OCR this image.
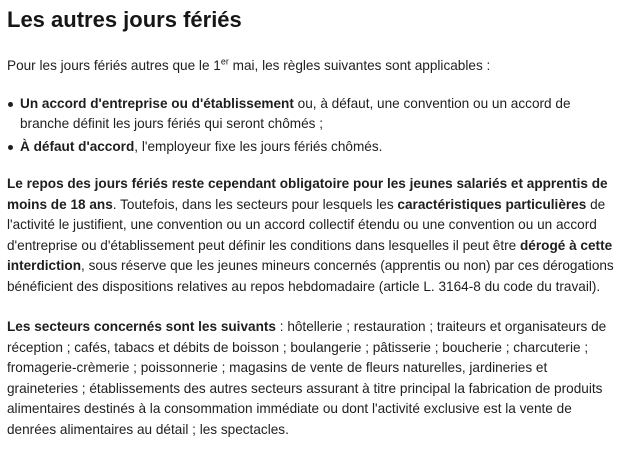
Les autres jours fériés

Pour les jours fériés autres que le 1er mai, les règles suivantes sont applicables :

Un accord d'entreprise ou d'établissement ou, à défaut, une convention ou un accord de branche définit les jours fériés qui seront chômés ;
À défaut d'accord, l'employeur fixe les jours fériés chômés.

Le repos des jours fériés reste cependant obligatoire pour les jeunes salariés et apprentis de moins de 18 ans. Toutefois, dans les secteurs pour lesquels les caractéristiques particulières de l'activité le justifient, une convention ou un accord collectif étendu ou une convention ou un accord d'entreprise ou d'établissement peut définir les conditions dans lesquelles il peut être dérogé à cette interdiction, sous réserve que les jeunes mineurs concernés (apprentis ou non) par ces dérogations bénéficient des dispositions relatives au repos hebdomadaire (article L. 3164-8 du code du travail).

Les secteurs concernés sont les suivants : hôtellerie ; restauration ; traiteurs et organisateurs de réception ; cafés, tabacs et débits de boisson ; boulangerie ; pâtisserie ; boucherie ; charcuterie ; fromagerie-crèmerie ; poissonnerie ; magasins de vente de fleurs naturelles, jardineries et graineteries ; établissements des autres secteurs assurant à titre principal la fabrication de produits alimentaires destinés à la consommation immédiate ou dont l'activité exclusive est la vente de denrées alimentaires au détail ; les spectacles.
